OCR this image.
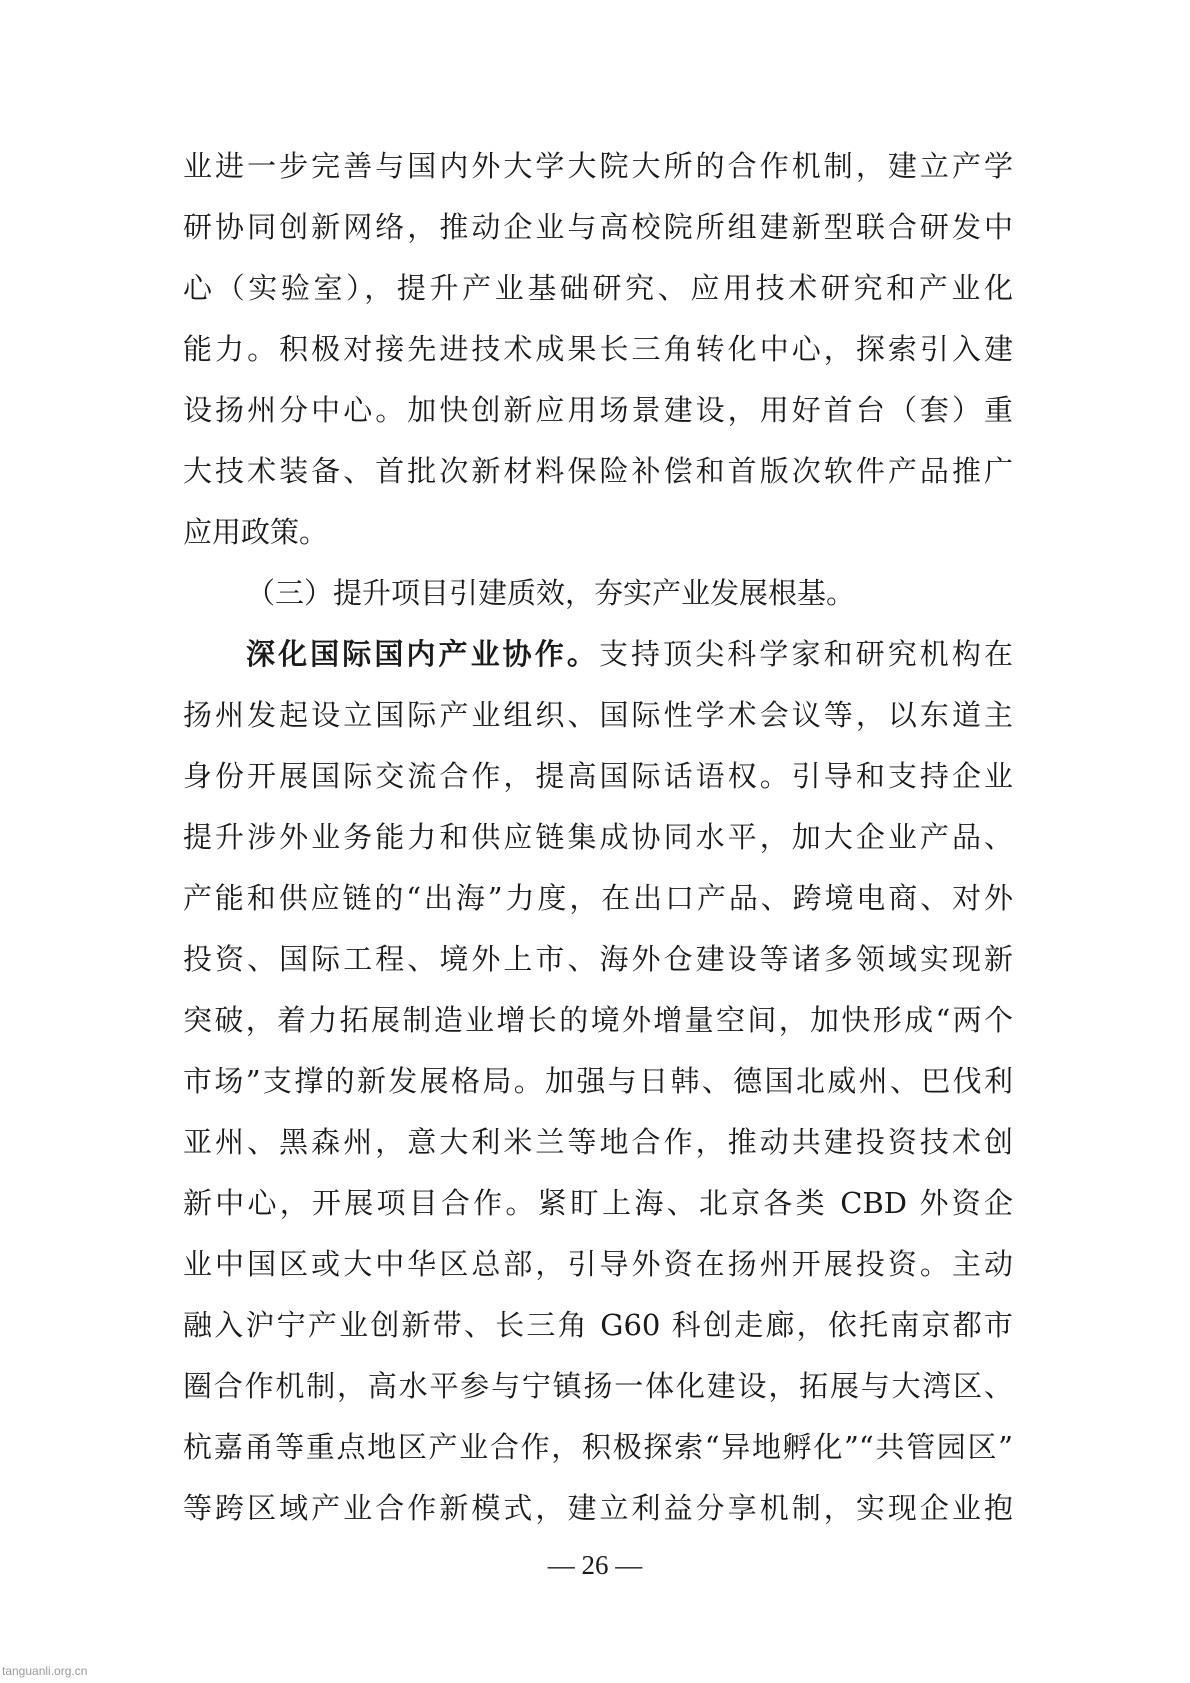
业进一步完善与国内外大学大院大所的合作机制，建立产学
研协同创新网络，推动企业与高校院所组建新型联合研发中
心（实验室），提升产业基础研究、应用技术研究和产业化
能力。积极对接先进技术成果长三角转化中心，探索引入建
设扬州分中心。加快创新应用场景建设，用好首台（套）重
大技术装备、首批次新材料保险补偿和首版次软件产品推广
应用政策。
（三）提升项目引建质效，夯实产业发展根基。
深化国际国内产业协作。支持顶尖科学家和研究机构在
扬州发起设立国际产业组织、国际性学术会议等，以东道主
身份开展国际交流合作，提高国际话语权。引导和支持企业
提升涉外业务能力和供应链集成协同水平，加大企业产品、
产能和供应链的“出海”力度，在出口产品、跨境电商、对外
投资、国际工程、境外上市、海外仓建设等诸多领域实现新
突破，着力拓展制造业增长的境外增量空间，加快形成“两个
市场”支撑的新发展格局。加强与日韩、德国北威州、巴伐利
亚州、黑森州，意大利米兰等地合作，推动共建投资技术创
新中心，开展项目合作。紧盯上海、北京各类 CBD 外资企
业中国区或大中华区总部，引导外资在扬州开展投资。主动
融入沪宁产业创新带、长三角 G60 科创走廊，依托南京都市
圈合作机制，高水平参与宁镇扬一体化建设，拓展与大湾区、
杭嘉甬等重点地区产业合作，积极探索“异地孵化”“共管园区”
等跨区域产业合作新模式，建立利益分享机制，实现企业抱
— 26 —
tanguanli.org.cn
